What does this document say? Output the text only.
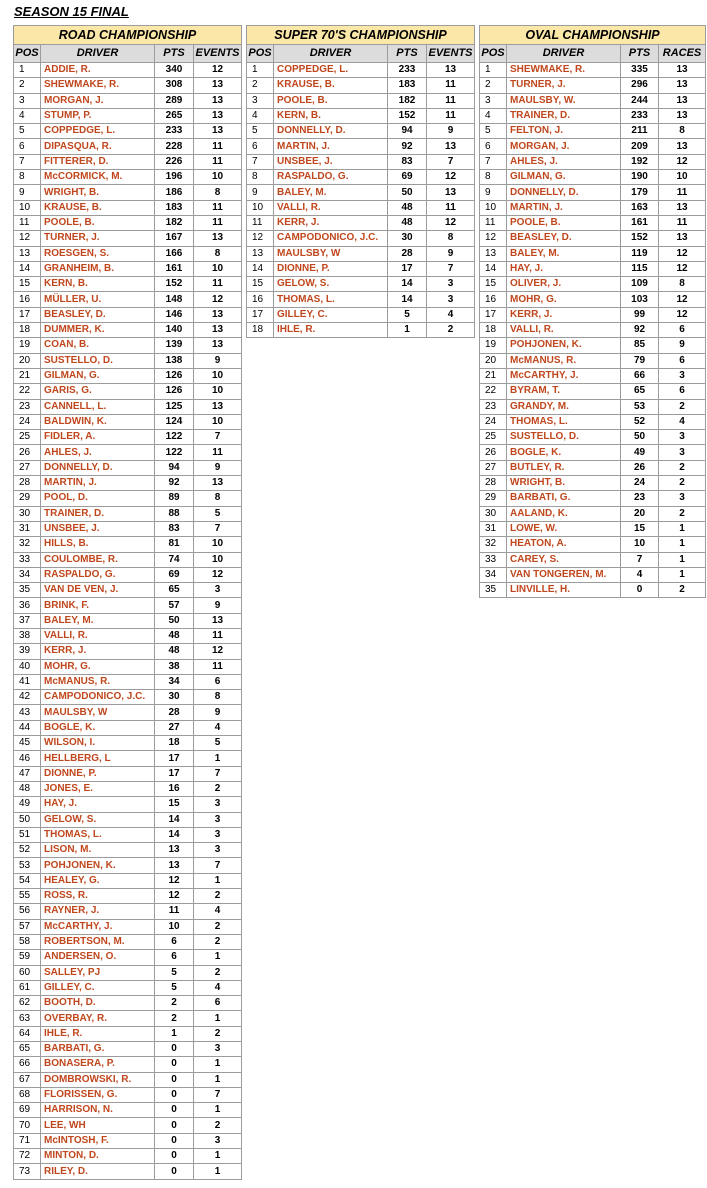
SEASON 15 FINAL
ROAD CHAMPIONSHIP			
POS	DRIVER	PTS	EVENTS
1	ADDIE, R.	340	12
2	SHEWMAKE, R.	308	13
3	MORGAN, J.	289	13
4	STUMP, P.	265	13
5	COPPEDGE, L.	233	13
6	DIPASQUA, R.	228	11
7	FITTERER, D.	226	11
8	McCORMICK, M.	196	10
9	WRIGHT, B.	186	8
10	KRAUSE, B.	183	11
11	POOLE, B.	182	11
12	TURNER, J.	167	13
13	ROESGEN, S.	166	8
14	GRANHEIM, B.	161	10
15	KERN, B.	152	11
16	MÜLLER, U.	148	12
17	BEASLEY, D.	146	13
18	DUMMER, K.	140	13
19	COAN, B.	139	13
20	SUSTELLO, D.	138	9
21	GILMAN, G.	126	10
22	GARIS, G.	126	10
23	CANNELL, L.	125	13
24	BALDWIN, K.	124	10
25	FIDLER, A.	122	7
26	AHLES, J.	122	11
27	DONNELLY, D.	94	9
28	MARTIN, J.	92	13
29	POOL, D.	89	8
30	TRAINER, D.	88	5
31	UNSBEE, J.	83	7
32	HILLS, B.	81	10
33	COULOMBE, R.	74	10
34	RASPALDO, G.	69	12
35	VAN DE VEN, J.	65	3
36	BRINK, F.	57	9
37	BALEY, M.	50	13
38	VALLI, R.	48	11
39	KERR, J.	48	12
40	MOHR, G.	38	11
41	McMANUS, R.	34	6
42	CAMPODONICO, J.C.	30	8
43	MAULSBY, W	28	9
44	BOGLE, K.	27	4
45	WILSON, I.	18	5
46	HELLBERG, L	17	1
47	DIONNE, P.	17	7
48	JONES, E.	16	2
49	HAY, J.	15	3
50	GELOW, S.	14	3
51	THOMAS, L.	14	3
52	LISON, M.	13	3
53	POHJONEN, K.	13	7
54	HEALEY, G.	12	1
55	ROSS, R.	12	2
56	RAYNER, J.	11	4
57	McCARTHY, J.	10	2
58	ROBERTSON, M.	6	2
59	ANDERSEN, O.	6	1
60	SALLEY, PJ	5	2
61	GILLEY, C.	5	4
62	BOOTH, D.	2	6
63	OVERBAY, R.	2	1
64	IHLE, R.	1	2
65	BARBATI, G.	0	3
66	BONASERA, P.	0	1
67	DOMBROWSKI, R.	0	1
68	FLORISSEN, G.	0	7
69	HARRISON, N.	0	1
70	LEE, WH	0	2
71	McINTOSH, F.	0	3
72	MINTON, D.	0	1
73	RILEY, D.	0	1
SUPER 70'S CHAMPIONSHIP			
POS	DRIVER	PTS	EVENTS
1	COPPEDGE, L.	233	13
2	KRAUSE, B.	183	11
3	POOLE, B.	182	11
4	KERN, B.	152	11
5	DONNELLY, D.	94	9
6	MARTIN, J.	92	13
7	UNSBEE, J.	83	7
8	RASPALDO, G.	69	12
9	BALEY, M.	50	13
10	VALLI, R.	48	11
11	KERR, J.	48	12
12	CAMPODONICO, J.C.	30	8
13	MAULSBY, W	28	9
14	DIONNE, P.	17	7
15	GELOW, S.	14	3
16	THOMAS, L.	14	3
17	GILLEY, C.	5	4
18	IHLE, R.	1	2
OVAL CHAMPIONSHIP			
POS	DRIVER	PTS	RACES
1	SHEWMAKE, R.	335	13
2	TURNER, J.	296	13
3	MAULSBY, W.	244	13
4	TRAINER, D.	233	13
5	FELTON, J.	211	8
6	MORGAN, J.	209	13
7	AHLES, J.	192	12
8	GILMAN, G.	190	10
9	DONNELLY, D.	179	11
10	MARTIN, J.	163	13
11	POOLE, B.	161	11
12	BEASLEY, D.	152	13
13	BALEY, M.	119	12
14	HAY, J.	115	12
15	OLIVER, J.	109	8
16	MOHR, G.	103	12
17	KERR, J.	99	12
18	VALLI, R.	92	6
19	POHJONEN, K.	85	9
20	McMANUS, R.	79	6
21	McCARTHY, J.	66	3
22	BYRAM, T.	65	6
23	GRANDY, M.	53	2
24	THOMAS, L.	52	4
25	SUSTELLO, D.	50	3
26	BOGLE, K.	49	3
27	BUTLEY, R.	26	2
28	WRIGHT, B.	24	2
29	BARBATI, G.	23	3
30	AALAND, K.	20	2
31	LOWE, W.	15	1
32	HEATON, A.	10	1
33	CAREY, S.	7	1
34	VAN TONGEREN, M.	4	1
35	LINVILLE, H.	0	2
